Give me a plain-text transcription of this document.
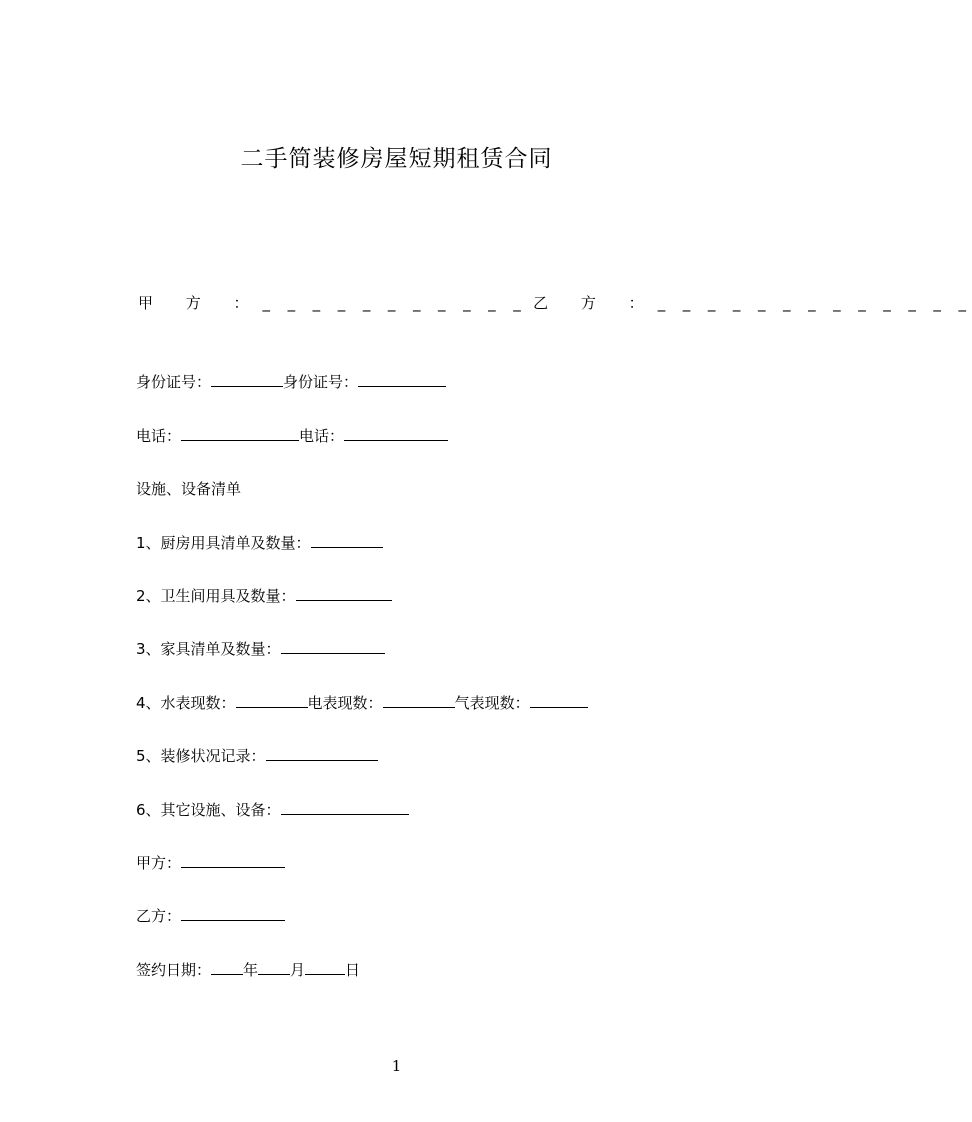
二手简装修房屋短期租赁合同
甲 方 ：_ _ _ _ _ _ _ _ _ _ _ 乙 方 ：_ _ _ _ _ _ _ _ _ _ _ _ _
身份证号：	身份证号：
电话：	电话：
设施、设备清单
1、厨房用具清单及数量：
2、卫生间用具及数量：
3、家具清单及数量：
4、水表现数：	电表现数：	气表现数：
5、装修状况记录：
6、其它设施、设备：
甲方：
乙方：
签约日期： 年 月	日
1
